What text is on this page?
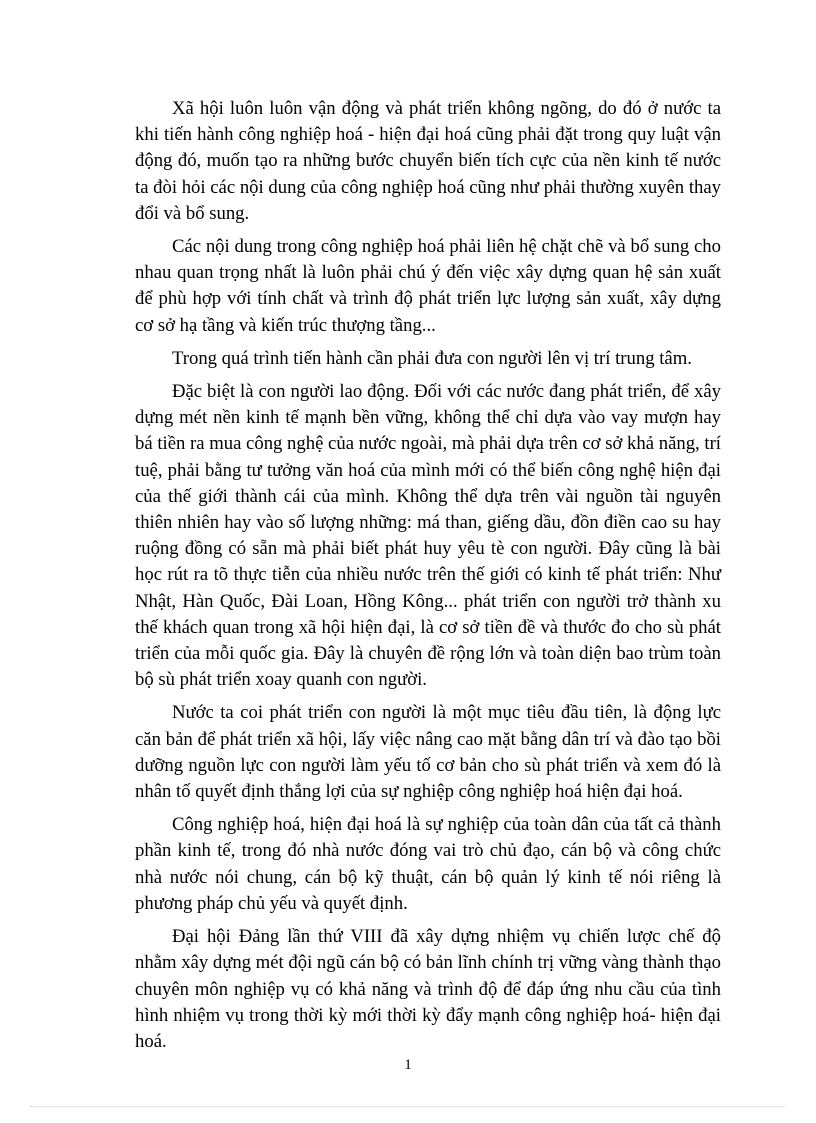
Xã hội luôn luôn vận động và phát triển không ngõng, do đó ở nước ta khi tiến hành công nghiệp hoá - hiện đại hoá cũng phải đặt trong quy luật vận động đó, muốn tạo ra những bước chuyển biến tích cực của nền kinh tế nước ta đòi hỏi các nội dung của công nghiệp hoá cũng như phải thường xuyên thay đổi và bổ sung.

Các nội dung trong công nghiệp hoá phải liên hệ chặt chẽ và bổ sung cho nhau quan trọng nhất là luôn phải chú ý đến việc xây dựng quan hệ sản xuất để phù hợp với tính chất và trình độ phát triển lực lượng sản xuất, xây dựng cơ sở hạ tầng và kiến trúc thượng tầng...

Trong quá trình tiến hành cần phải đưa con người lên vị trí trung tâm.

Đặc biệt là con người lao động. Đối với các nước đang phát triển, để xây dựng mét nền kinh tế mạnh bền vững, không thể chỉ dựa vào vay mượn hay bá tiền ra mua công nghệ của nước ngoài, mà phải dựa trên cơ sở khả năng, trí tuệ, phải bằng tư tưởng văn hoá của mình mới có thể biến công nghệ hiện đại của thế giới thành cái của mình. Không thể dựa trên vài nguồn tài nguyên thiên nhiên hay vào số lượng những: má than, giếng dầu, đồn điền cao su hay ruộng đồng có sẵn mà phải biết phát huy yêu tè con người. Đây cũng là bài học rút ra tõ thực tiễn của nhiều nước trên thế giới có kinh tế phát triển: Như Nhật, Hàn Quốc, Đài Loan, Hồng Kông... phát triển con người trở thành xu thế khách quan trong xã hội hiện đại, là cơ sở tiền đề và thước đo cho sù phát triển của mỗi quốc gia. Đây là chuyên đề rộng lớn và toàn diện bao trùm toàn bộ sù phát triển xoay quanh con người.

Nước ta coi phát triển con người là một mục tiêu đầu tiên, là động lực căn bản để phát triển xã hội, lấy việc nâng cao mặt bằng dân trí và đào tạo bồi dưỡng nguồn lực con người làm yếu tố cơ bản cho sù phát triển và xem đó là nhân tố quyết định thắng lợi của sự nghiệp công nghiệp hoá hiện đại hoá.

Công nghiệp hoá, hiện đại hoá là sự nghiệp của toàn dân của tất cả thành phần kinh tế, trong đó nhà nước đóng vai trò chủ đạo, cán bộ và công chức nhà nước nói chung, cán bộ kỹ thuật, cán bộ quản lý kinh tế nói riêng là phương pháp chủ yếu và quyết định.

Đại hội Đảng lần thứ VIII đã xây dựng nhiệm vụ chiến lược chế độ nhằm xây dựng mét đội ngũ cán bộ có bản lĩnh chính trị vững vàng thành thạo chuyên môn nghiệp vụ có khả năng và trình độ để đáp ứng nhu cầu của tình hình nhiệm vụ trong thời kỳ mới thời kỳ đẩy mạnh công nghiệp hoá- hiện đại hoá.

1
